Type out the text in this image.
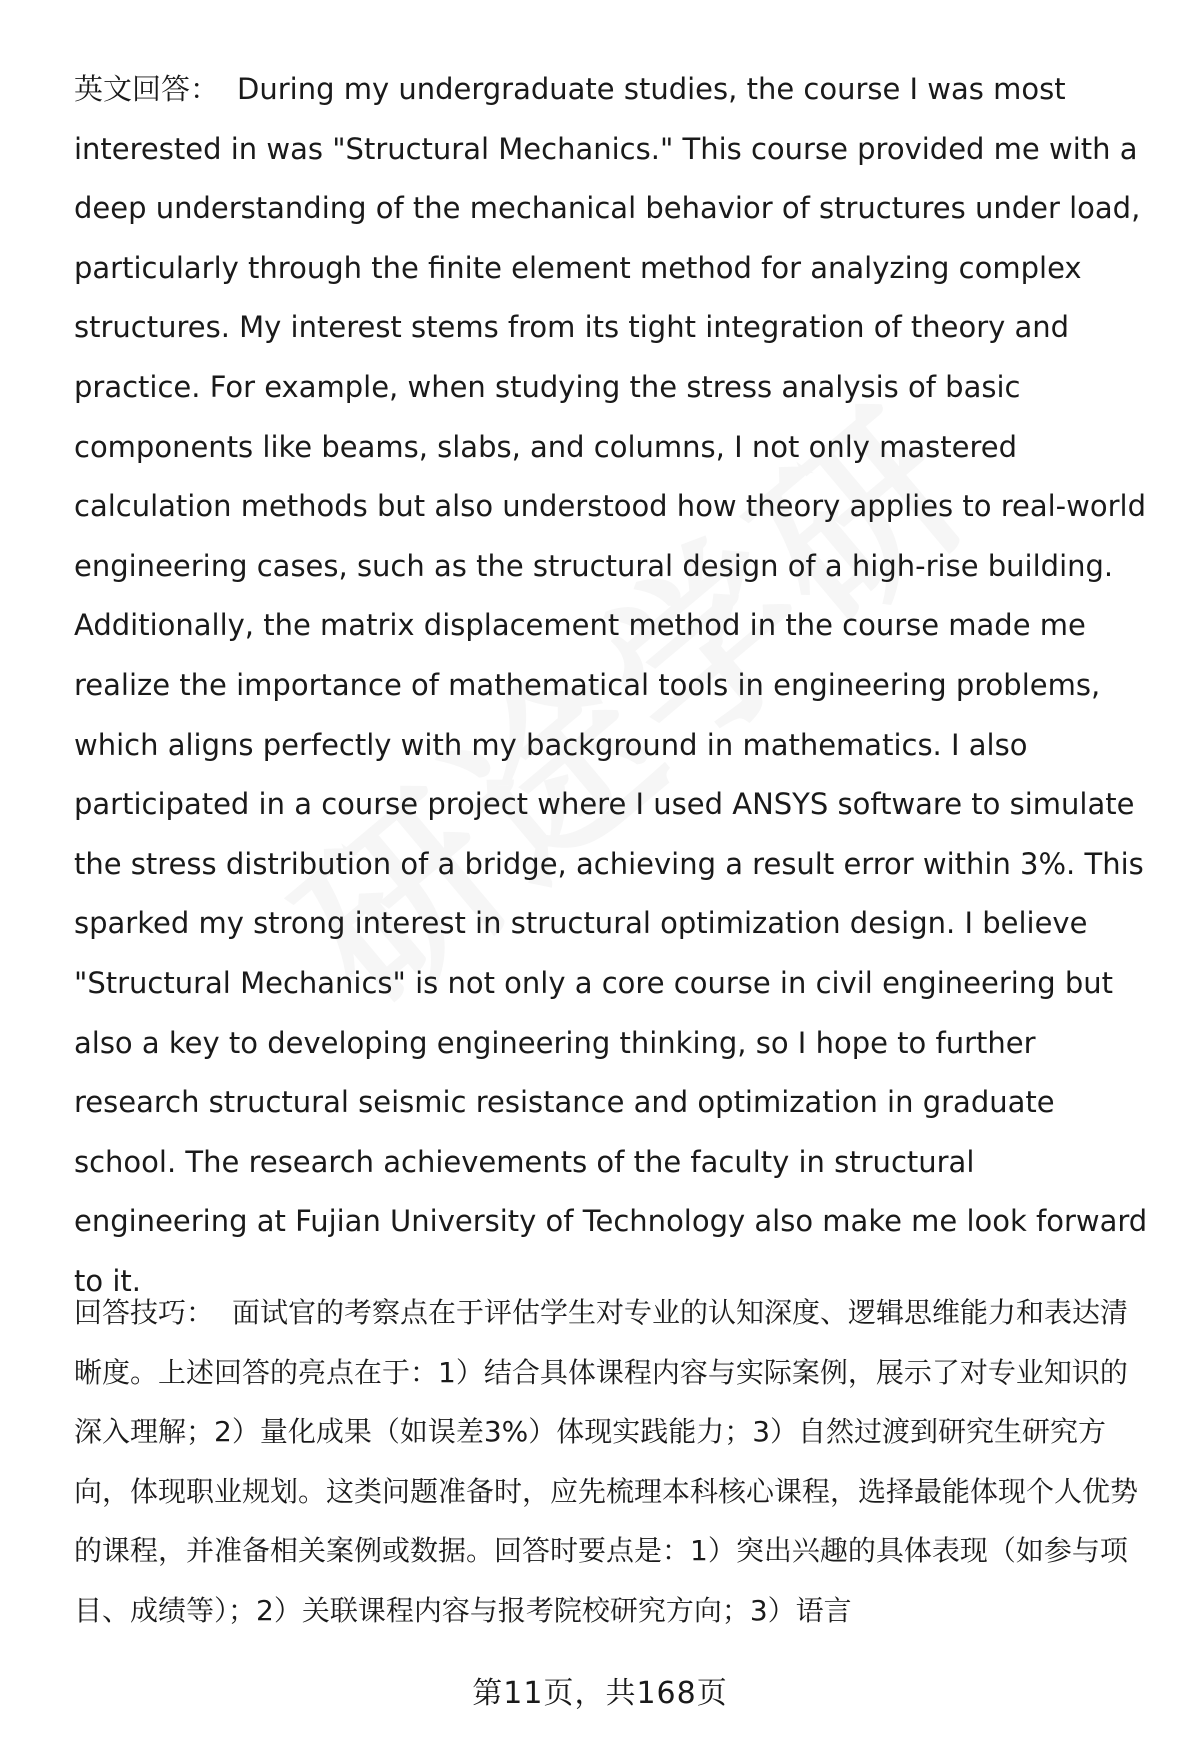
英文回答： During my undergraduate studies, the course I was most interested in was "Structural Mechanics." This course provided me with a deep understanding of the mechanical behavior of structures under load, particularly through the finite element method for analyzing complex structures. My interest stems from its tight integration of theory and practice. For example, when studying the stress analysis of basic components like beams, slabs, and columns, I not only mastered calculation methods but also understood how theory applies to real-world engineering cases, such as the structural design of a high-rise building. Additionally, the matrix displacement method in the course made me realize the importance of mathematical tools in engineering problems, which aligns perfectly with my background in mathematics. I also participated in a course project where I used ANSYS software to simulate the stress distribution of a bridge, achieving a result error within 3%. This sparked my strong interest in structural optimization design. I believe "Structural Mechanics" is not only a core course in civil engineering but also a key to developing engineering thinking, so I hope to further research structural seismic resistance and optimization in graduate school. The research achievements of the faculty in structural engineering at Fujian University of Technology also make me look forward to it.

回答技巧： 面试官的考察点在于评估学生对专业的认知深度、逻辑思维能力和表达清晰度。上述回答的亮点在于：1）结合具体课程内容与实际案例，展示了对专业知识的深入理解；2）量化成果（如误差3%）体现实践能力；3）自然过渡到研究生研究方向，体现职业规划。这类问题准备时，应先梳理本科核心课程，选择最能体现个人优势的课程，并准备相关案例或数据。回答时要点是：1）突出兴趣的具体表现（如参与项目、成绩等）；2）关联课程内容与报考院校研究方向；3）语言

第11页，共168页
